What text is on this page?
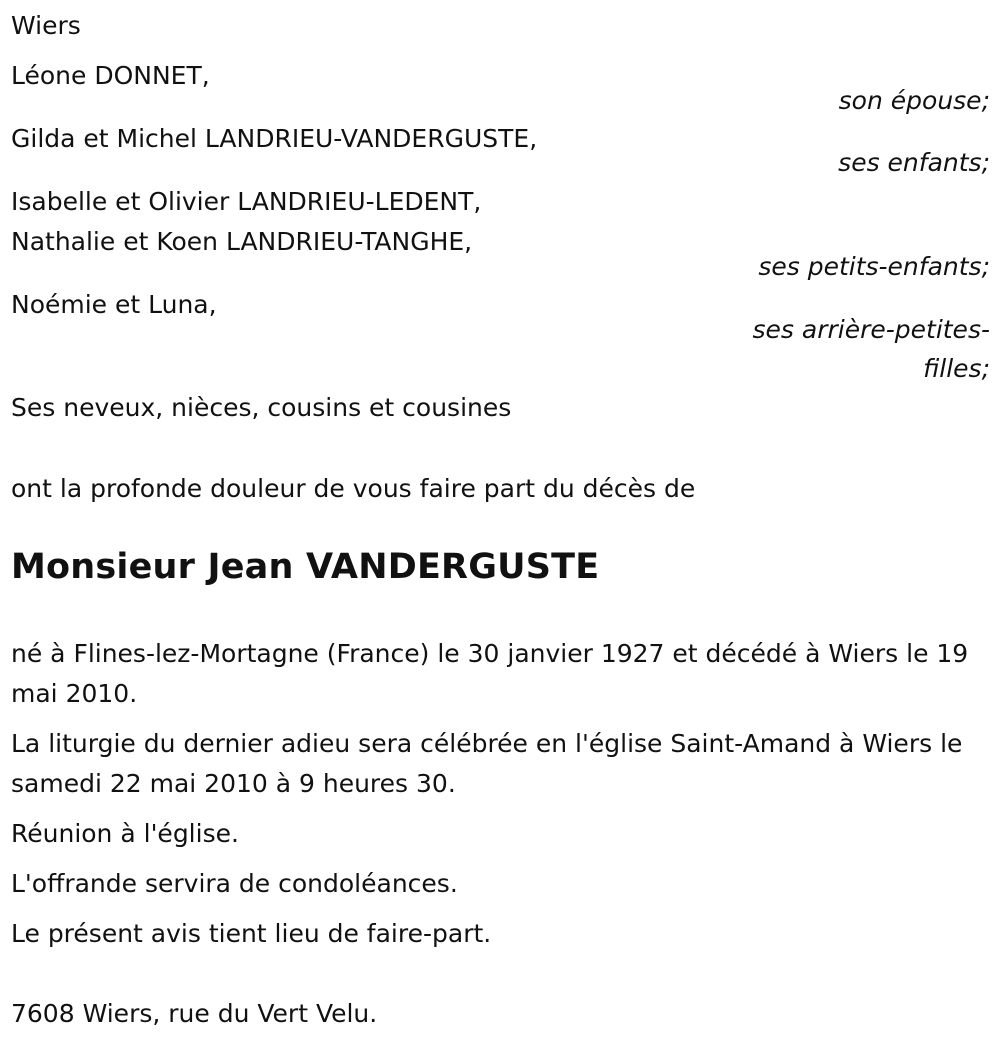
Wiers
Léone DONNET,
son épouse;
Gilda et Michel LANDRIEU-VANDERGUSTE,
ses enfants;
Isabelle et Olivier LANDRIEU-LEDENT,
Nathalie et Koen LANDRIEU-TANGHE,
ses petits-enfants;
Noémie et Luna,
ses arrière-petites-
filles;
Ses neveux, nièces, cousins et cousines
ont la profonde douleur de vous faire part du décès de
Monsieur Jean VANDERGUSTE
né à Flines-lez-Mortagne (France) le 30 janvier 1927 et décédé à Wiers le 19 mai 2010.
La liturgie du dernier adieu sera célébrée en l'église Saint-Amand à Wiers le samedi 22 mai 2010 à 9 heures 30.
Réunion à l'église.
L'offrande servira de condoléances.
Le présent avis tient lieu de faire-part.
7608 Wiers, rue du Vert Velu.
